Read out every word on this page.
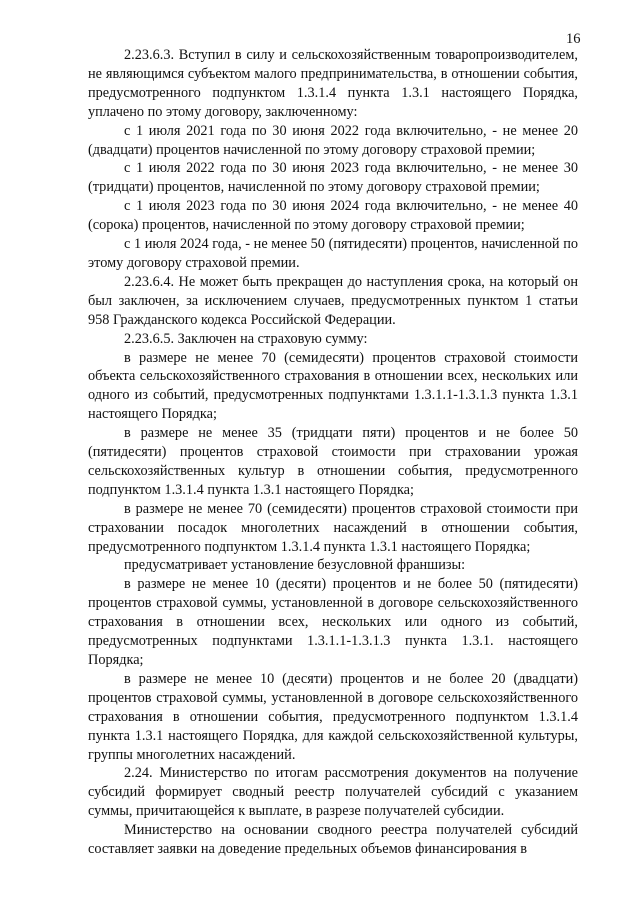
16

2.23.6.3. Вступил в силу и сельскохозяйственным товаропроизводителем, не являющимся субъектом малого предпринимательства, в отношении события, предусмотренного подпунктом 1.3.1.4 пункта 1.3.1 настоящего Порядка, уплачено по этому договору, заключенному:

с 1 июля 2021 года по 30 июня 2022 года включительно, - не менее 20 (двадцати) процентов начисленной по этому договору страховой премии;

с 1 июля 2022 года по 30 июня 2023 года включительно, - не менее 30 (тридцати) процентов, начисленной по этому договору страховой премии;

с 1 июля 2023 года по 30 июня 2024 года включительно, - не менее 40 (сорока) процентов, начисленной по этому договору страховой премии;

с 1 июля 2024 года, - не менее 50 (пятидесяти) процентов, начисленной по этому договору страховой премии.

2.23.6.4. Не может быть прекращен до наступления срока, на который он был заключен, за исключением случаев, предусмотренных пунктом 1 статьи 958 Гражданского кодекса Российской Федерации.

2.23.6.5. Заключен на страховую сумму:

в размере не менее 70 (семидесяти) процентов страховой стоимости объекта сельскохозяйственного страхования в отношении всех, нескольких или одного из событий, предусмотренных подпунктами 1.3.1.1-1.3.1.3 пункта 1.3.1 настоящего Порядка;

в размере не менее 35 (тридцати пяти) процентов и не более 50 (пятидесяти) процентов страховой стоимости при страховании урожая сельскохозяйственных культур в отношении события, предусмотренного подпунктом 1.3.1.4 пункта 1.3.1 настоящего Порядка;

в размере не менее 70 (семидесяти) процентов страховой стоимости при страховании посадок многолетних насаждений в отношении события, предусмотренного подпунктом 1.3.1.4 пункта 1.3.1 настоящего Порядка;

предусматривает установление безусловной франшизы:

в размере не менее 10 (десяти) процентов и не более 50 (пятидесяти) процентов страховой суммы, установленной в договоре сельскохозяйственного страхования в отношении всех, нескольких или одного из событий, предусмотренных подпунктами 1.3.1.1-1.3.1.3 пункта 1.3.1. настоящего Порядка;

в размере не менее 10 (десяти) процентов и не более 20 (двадцати) процентов страховой суммы, установленной в договоре сельскохозяйственного страхования в отношении события, предусмотренного подпунктом 1.3.1.4 пункта 1.3.1 настоящего Порядка, для каждой сельскохозяйственной культуры, группы многолетних насаждений.

2.24. Министерство по итогам рассмотрения документов на получение субсидий формирует сводный реестр получателей субсидий с указанием суммы, причитающейся к выплате, в разрезе получателей субсидии.

Министерство на основании сводного реестра получателей субсидий составляет заявки на доведение предельных объемов финансирования в
